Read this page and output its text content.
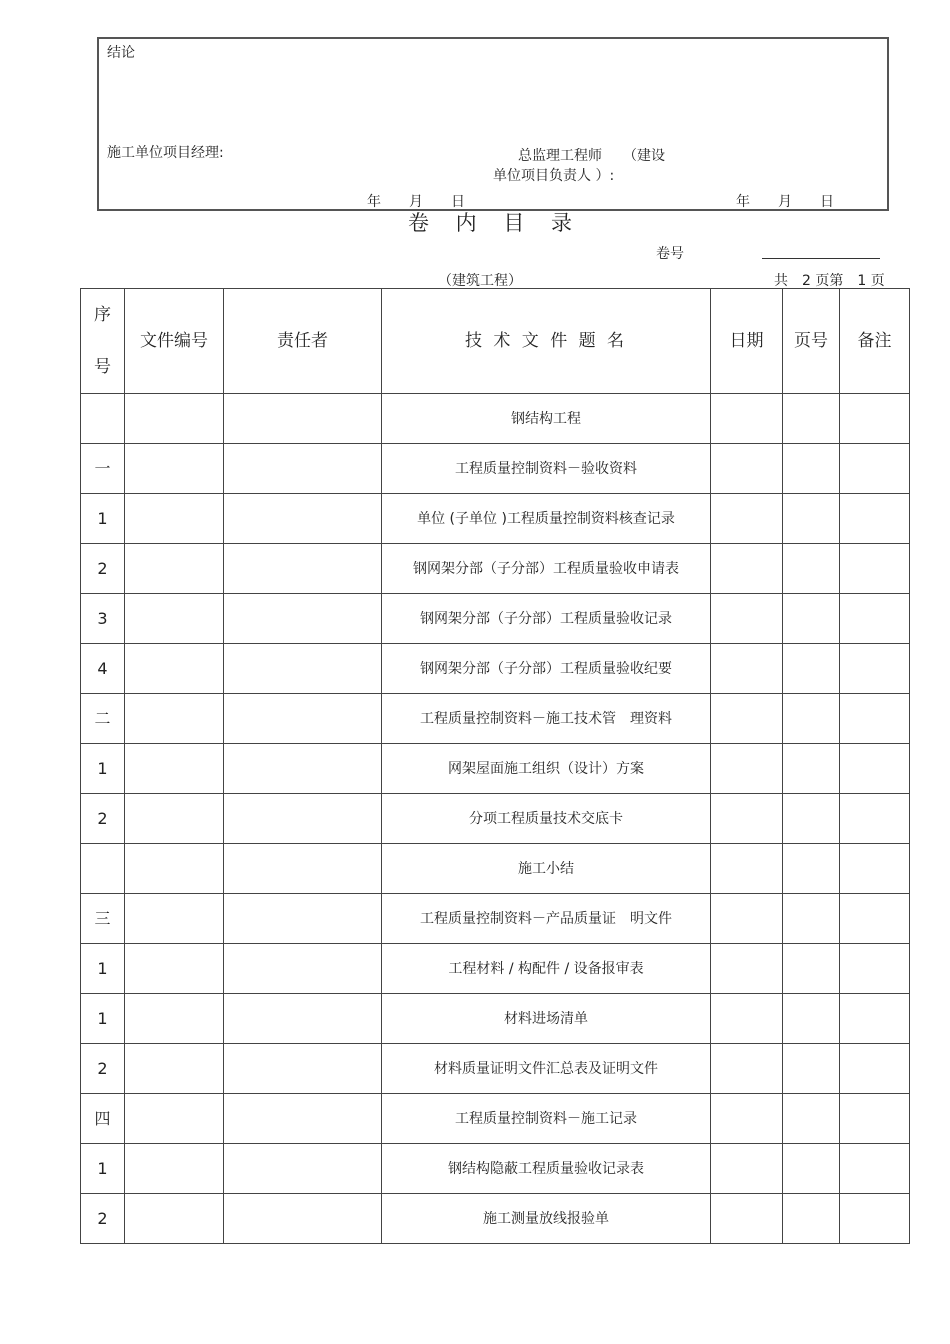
结论
施工单位项目经理:	总监理工程师　　（建设
单位项目负责人 ）:
年　　月　　日	年　　月　　日
卷 内 目 录
卷号
（建筑工程）	共　2 页第　1 页
序
号	文件编号	责任者	技 术 文 件 题 名	日期	页号	备注
			钢结构工程			
一			工程质量控制资料－验收资料			
1			单位 (子单位 )工程质量控制资料核查记录			
2			钢网架分部（子分部）工程质量验收申请表			
3			钢网架分部（子分部）工程质量验收记录			
4			钢网架分部（子分部）工程质量验收纪要			
二			工程质量控制资料－施工技术管　理资料			
1			网架屋面施工组织（设计）方案			
2			分项工程质量技术交底卡			
			施工小结			
三			工程质量控制资料－产品质量证　明文件			
1			工程材料 / 构配件 / 设备报审表			
1			材料进场清单			
2			材料质量证明文件汇总表及证明文件			
四			工程质量控制资料－施工记录			
1			钢结构隐蔽工程质量验收记录表			
2			施工测量放线报验单			
